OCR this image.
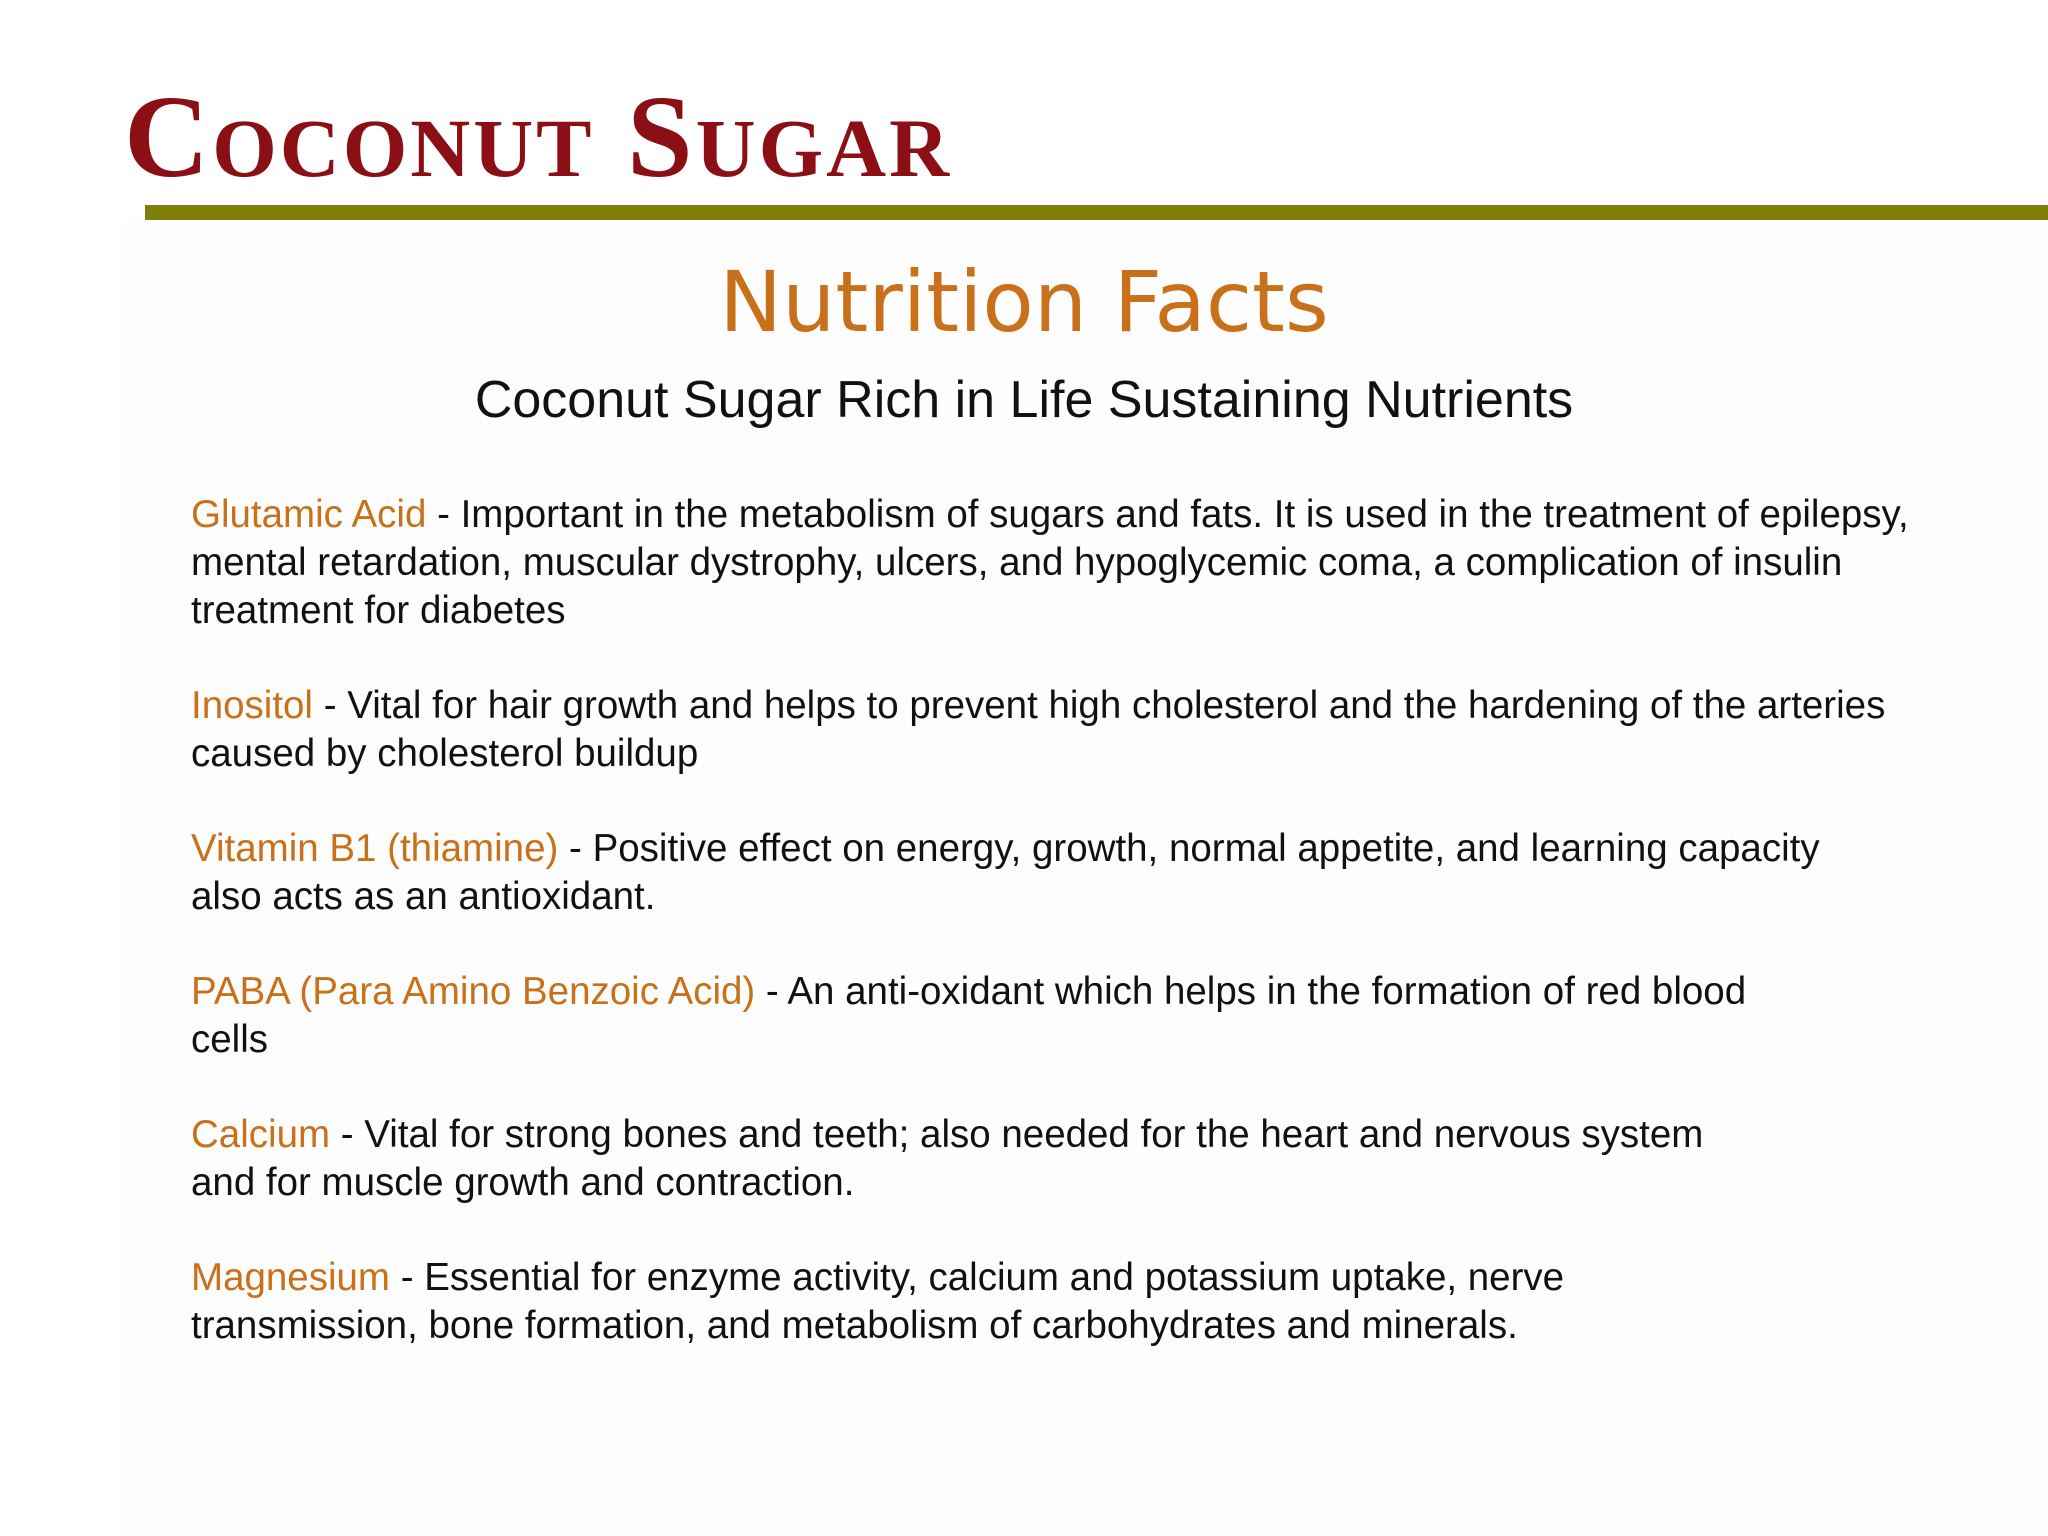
Coconut Sugar
Nutrition Facts
Coconut Sugar Rich in Life Sustaining Nutrients

Glutamic Acid - Important in the metabolism of sugars and fats. It is used in the treatment of epilepsy, mental retardation, muscular dystrophy, ulcers, and hypoglycemic coma, a complication of insulin treatment for diabetes

Inositol - Vital for hair growth and helps to prevent high cholesterol and the hardening of the arteries caused by cholesterol buildup

Vitamin B1 (thiamine) - Positive effect on energy, growth, normal appetite, and learning capacity also acts as an antioxidant.

PABA (Para Amino Benzoic Acid) - An anti-oxidant which helps in the formation of red blood cells

Calcium - Vital for strong bones and teeth; also needed for the heart and nervous system and for muscle growth and contraction.

Magnesium - Essential for enzyme activity, calcium and potassium uptake, nerve transmission, bone formation, and metabolism of carbohydrates and minerals.
